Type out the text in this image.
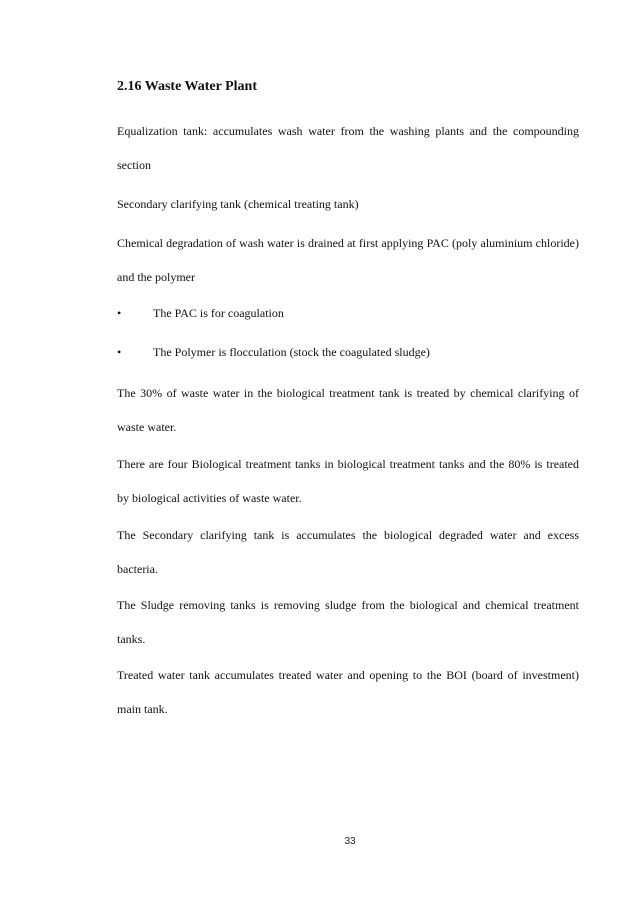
2.16 Waste Water Plant
Equalization tank: accumulates wash water from the washing plants and the compounding section
Secondary clarifying tank (chemical treating tank)
Chemical degradation of wash water is drained at first applying PAC (poly aluminium chloride) and the polymer
•	The PAC is for coagulation
•	The Polymer is flocculation (stock the coagulated sludge)
The 30% of waste water in the biological treatment tank is treated by chemical clarifying of waste water.
There are four Biological treatment tanks in biological treatment tanks and the 80% is treated by biological activities of waste water.
The Secondary clarifying tank is accumulates the biological degraded water and excess bacteria.
The Sludge removing tanks is removing sludge from the biological and chemical treatment tanks.
Treated water tank accumulates treated water and opening to the BOI (board of investment) main tank.
33
